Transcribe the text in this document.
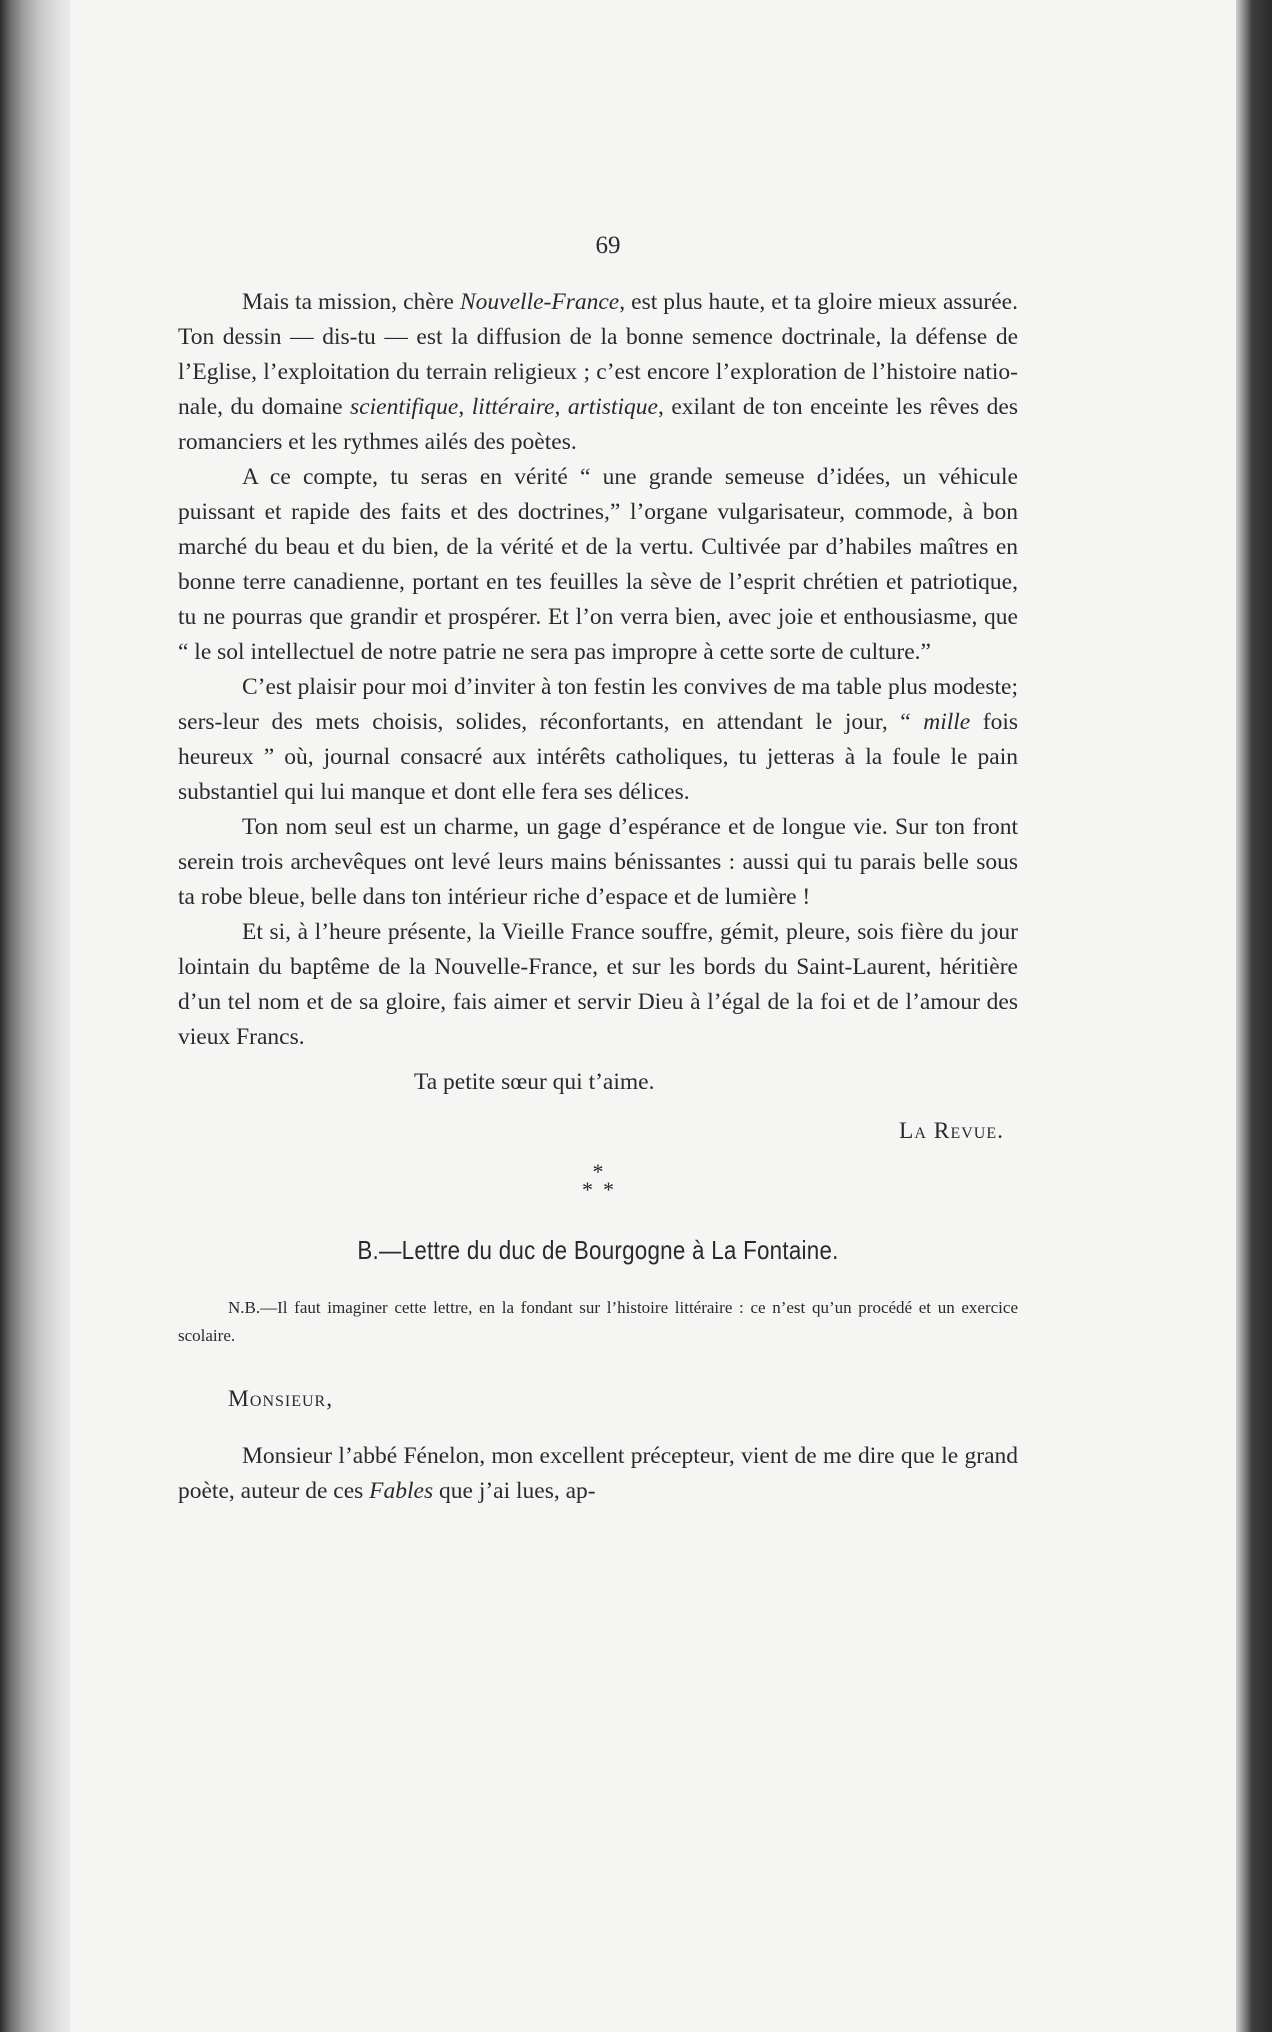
69

Mais ta mission, chère Nouvelle-France, est plus haute, et ta gloire mieux assurée. Ton dessin — dis-tu — est la diffusion de la bonne semence doctrinale, la défense de l’Eglise, l’exploitation du terrain religieux ; c’est encore l’exploration de l’histoire nationale, du domaine scientifique, littéraire, artistique, exilant de ton enceinte les rêves des romanciers et les rythmes ailés des poètes.

A ce compte, tu seras en vérité “ une grande semeuse d’idées, un véhicule puissant et rapide des faits et des doctrines,” l’organe vulgarisateur, commode, à bon marché du beau et du bien, de la vérité et de la vertu. Cultivée par d’habiles maîtres en bonne terre canadienne, portant en tes feuilles la sève de l’esprit chrétien et patriotique, tu ne pourras que grandir et prospérer. Et l’on verra bien, avec joie et enthousiasme, que “ le sol intellectuel de notre patrie ne sera pas impropre à cette sorte de culture.”

C’est plaisir pour moi d’inviter à ton festin les convives de ma table plus modeste; sers-leur des mets choisis, solides, réconfortants, en attendant le jour, “ mille fois heureux ” où, journal consacré aux intérêts catholiques, tu jetteras à la foule le pain substantiel qui lui manque et dont elle fera ses délices.

Ton nom seul est un charme, un gage d’espérance et de longue vie. Sur ton front serein trois archevêques ont levé leurs mains bénissantes : aussi qui tu parais belle sous ta robe bleue, belle dans ton intérieur riche d’espace et de lumière !

Et si, à l’heure présente, la Vieille France souffre, gémit, pleure, sois fière du jour lointain du baptême de la Nouvelle-France, et sur les bords du Saint-Laurent, héritière d’un tel nom et de sa gloire, fais aimer et servir Dieu à l’égal de la foi et de l’amour des vieux Francs.

Ta petite sœur qui t’aime.

La Revue.

*
**
B.—Lettre du duc de Bourgogne à La Fontaine.

N.B.—Il faut imaginer cette lettre, en la fondant sur l’histoire littéraire : ce n’est qu’un procédé et un exercice scolaire.

Monsieur,

Monsieur l’abbé Fénelon, mon excellent précepteur, vient de me dire que le grand poète, auteur de ces Fables que j’ai lues, ap-
